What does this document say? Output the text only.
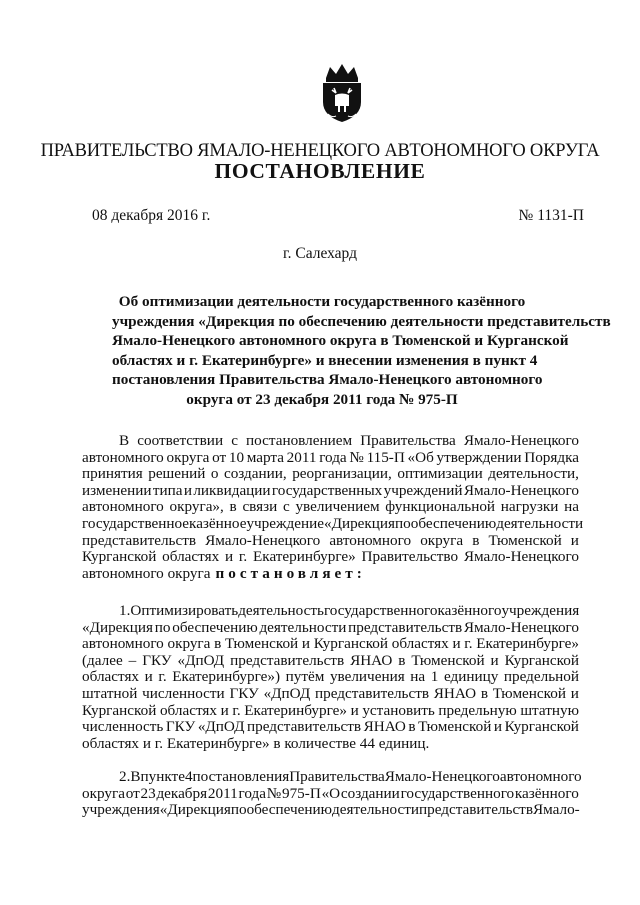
ПРАВИТЕЛЬСТВО ЯМАЛО-НЕНЕЦКОГО АВТОНОМНОГО ОКРУГА
ПОСТАНОВЛЕНИЕ
08 декабря 2016 г.	№ 1131-П
г. Салехард
Об оптимизации деятельности государственного казённого
учреждения «Дирекция по обеспечению деятельности представительств
Ямало-Ненецкого автономного округа в Тюменской и Курганской
областях и г. Екатеринбурге» и внесении изменения в пункт 4
постановления Правительства Ямало-Ненецкого автономного
округа от 23 декабря 2011 года № 975-П
В соответствии с постановлением Правительства Ямало-Ненецкого
автономного округа от 10 марта 2011 года № 115-П «Об утверждении Порядка
принятия решений о создании, реорганизации, оптимизации деятельности,
изменении типа и ликвидации государственных учреждений Ямало-Ненецкого
автономного округа», в связи с увеличением функциональной нагрузки на
государственное казённое учреждение «Дирекция по обеспечению деятельности
представительств Ямало-Ненецкого автономного округа в Тюменской и
Курганской областях и г. Екатеринбурге» Правительство Ямало-Ненецкого
автономного округа постановляет:
1. Оптимизировать деятельность государственного казённого учреждения
«Дирекция по обеспечению деятельности представительств Ямало-Ненецкого
автономного округа в Тюменской и Курганской областях и г. Екатеринбурге»
(далее – ГКУ «ДпОД представительств ЯНАО в Тюменской и Курганской
областях и г. Екатеринбурге») путём увеличения на 1 единицу предельной
штатной численности ГКУ «ДпОД представительств ЯНАО в Тюменской и
Курганской областях и г. Екатеринбурге» и установить предельную штатную
численность ГКУ «ДпОД представительств ЯНАО в Тюменской и Курганской
областях и г. Екатеринбурге» в количестве 44 единиц.
2. В пункте 4 постановления Правительства Ямало-Ненецкого автономного
округа от 23 декабря 2011 года № 975-П «О создании государственного казённого
учреждения «Дирекция по обеспечению деятельности представительств Ямало-
